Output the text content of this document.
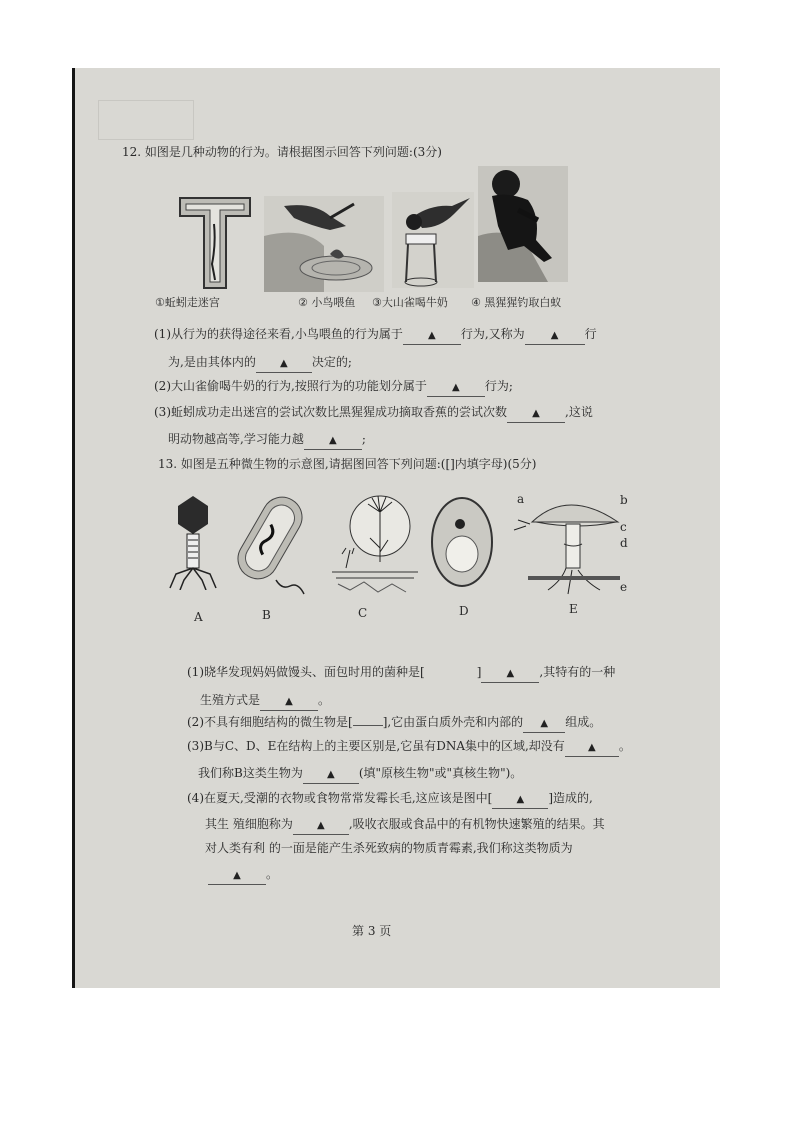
12. 如图是几种动物的行为。请根据图示回答下列问题:(3分)
①蚯蚓走迷宫	② 小鸟喂鱼 ③大山雀喝牛奶 ④ 黑猩猩钓取白蚁
(1)从行为的获得途径来看,小鸟喂鱼的行为属于	▲ 行为,又称为	▲ 行
为,是由其体内的 ▲ 决定的;
(2)大山雀偷喝牛奶的行为,按照行为的功能划分属于	▲ 行为;
(3)蚯蚓成功走出迷宫的尝试次数比黑猩猩成功摘取香蕉的尝试次数	▲ ,这说
明动物越高等,学习能力越	▲ ;
13. 如图是五种微生物的示意图,请据图回答下列问题:([]内填字母)(5分)
a	b
c
d
e
A	B	C	D	E
(1)晓华发现妈妈做馒头、面包时用的菌种是[	]	▲ ,其特有的一种
生殖方式是	▲ 。
(2)不具有细胞结构的微生物是[	],它由蛋白质外壳和内部的 ▲ 组成。
(3)B与C、D、E在结构上的主要区别是,它虽有DNA集中的区域,却没有 ▲ 。
我们称B这类生物为 ▲ (填"原核生物"或"真核生物")。
(4)在夏天,受潮的衣物或食物常常发霉长毛,这应该是图中[ ▲ ]造成的,
其生 殖细胞称为 ▲ ,吸收衣服或食品中的有机物快速繁殖的结果。其
对人类有利 的一面是能产生杀死致病的物质青霉素,我们称这类物质为
▲ 。
第 3 页
